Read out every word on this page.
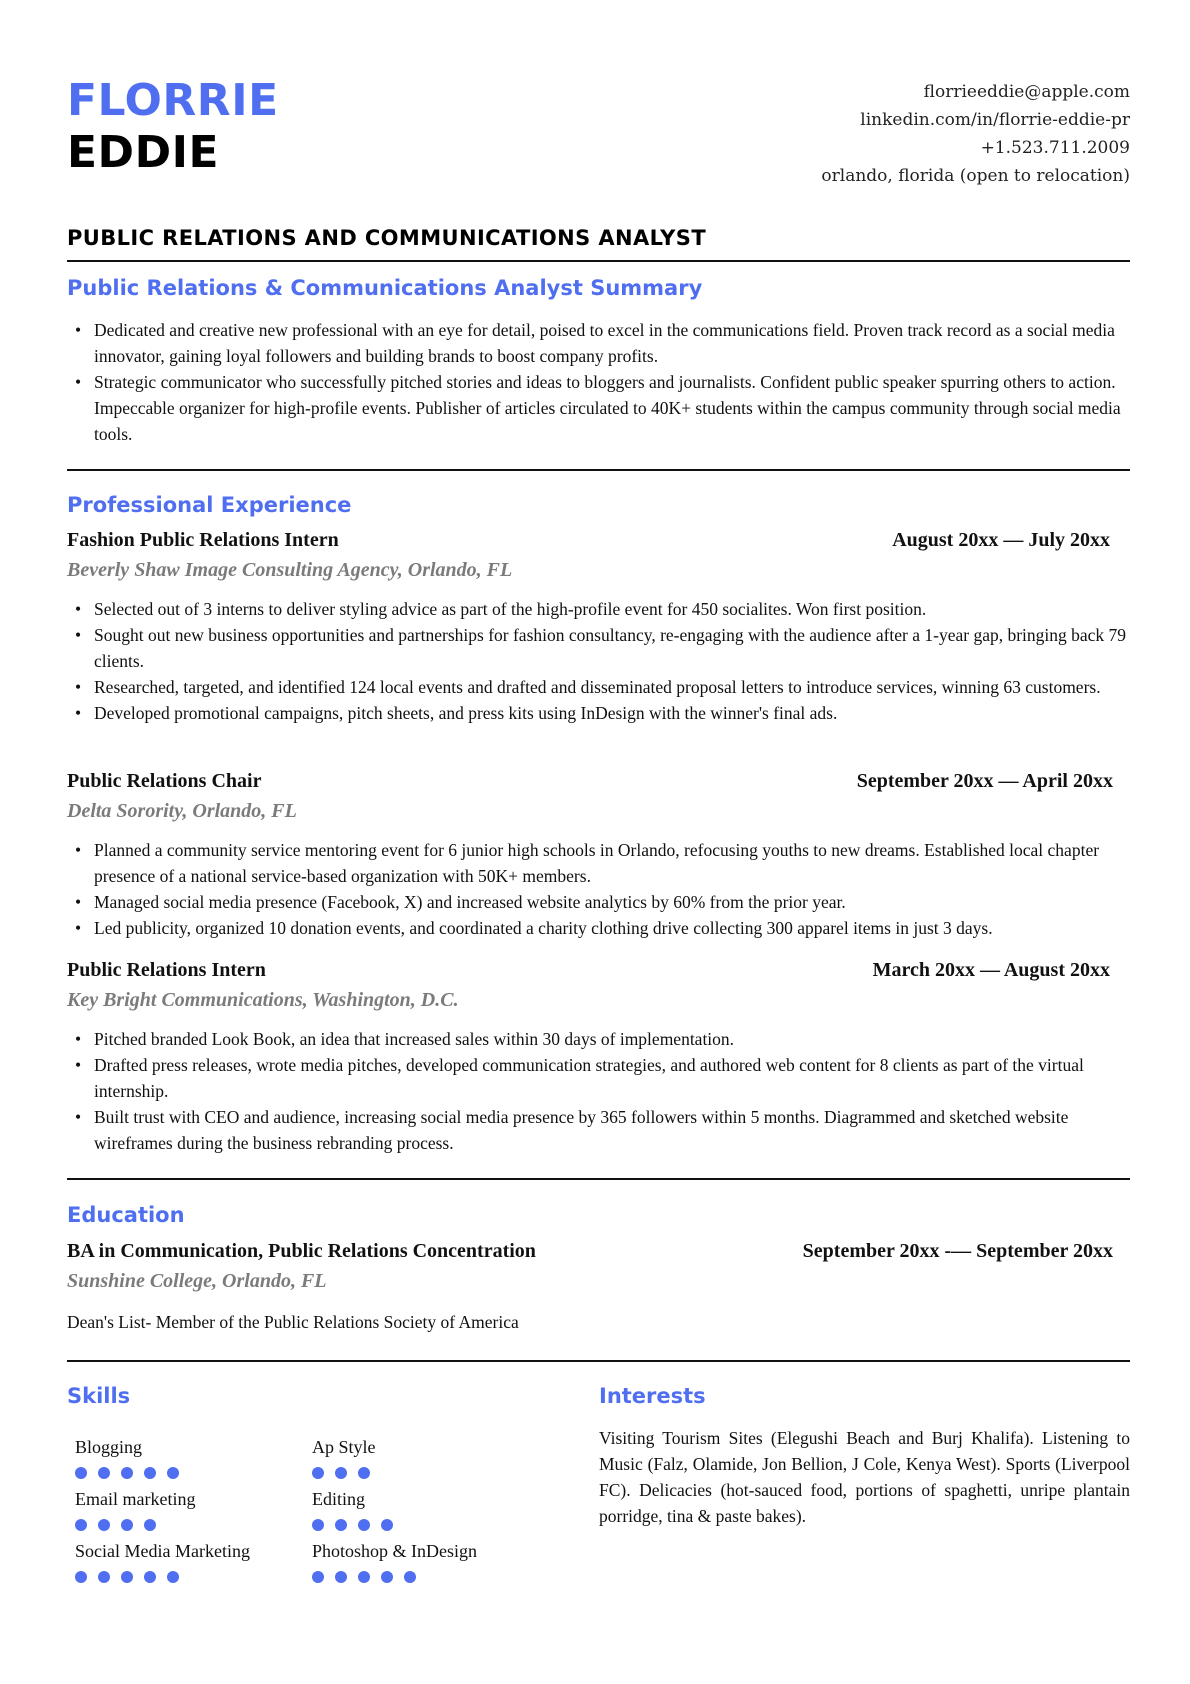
FLORRIE
EDDIE
florrieeddie@apple.com
linkedin.com/in/florrie-eddie-pr
+1.523.711.2009
orlando, florida (open to relocation)
PUBLIC RELATIONS AND COMMUNICATIONS ANALYST
Public Relations & Communications Analyst Summary
• Dedicated and creative new professional with an eye for detail, poised to excel in the communications field. Proven track record as a social media innovator, gaining loyal followers and building brands to boost company profits.
• Strategic communicator who successfully pitched stories and ideas to bloggers and journalists. Confident public speaker spurring others to action. Impeccable organizer for high-profile events. Publisher of articles circulated to 40K+ students within the campus community through social media tools.
Professional Experience
Fashion Public Relations Intern	August 20xx — July 20xx
Beverly Shaw Image Consulting Agency, Orlando, FL
• Selected out of 3 interns to deliver styling advice as part of the high-profile event for 450 socialites. Won first position.
• Sought out new business opportunities and partnerships for fashion consultancy, re-engaging with the audience after a 1-year gap, bringing back 79 clients.
• Researched, targeted, and identified 124 local events and drafted and disseminated proposal letters to introduce services, winning 63 customers.
• Developed promotional campaigns, pitch sheets, and press kits using InDesign with the winner's final ads.
Public Relations Chair	September 20xx — April 20xx
Delta Sorority, Orlando, FL
• Planned a community service mentoring event for 6 junior high schools in Orlando, refocusing youths to new dreams. Established local chapter presence of a national service-based organization with 50K+ members.
• Managed social media presence (Facebook, X) and increased website analytics by 60% from the prior year.
• Led publicity, organized 10 donation events, and coordinated a charity clothing drive collecting 300 apparel items in just 3 days.
Public Relations Intern	March 20xx — August 20xx
Key Bright Communications, Washington, D.C.
• Pitched branded Look Book, an idea that increased sales within 30 days of implementation.
• Drafted press releases, wrote media pitches, developed communication strategies, and authored web content for 8 clients as part of the virtual internship.
• Built trust with CEO and audience, increasing social media presence by 365 followers within 5 months. Diagrammed and sketched website wireframes during the business rebranding process.
Education
BA in Communication, Public Relations Concentration	September 20xx -— September 20xx
Sunshine College, Orlando, FL
Dean's List- Member of the Public Relations Society of America
Skills
Blogging	Ap Style
Email marketing	Editing
Social Media Marketing	Photoshop & InDesign
Interests
Visiting Tourism Sites (Elegushi Beach and Burj Khalifa). Listening to Music (Falz, Olamide, Jon Bellion, J Cole, Kenya West). Sports (Liverpool FC). Delicacies (hot-sauced food, portions of spaghetti, unripe plantain porridge, tina & paste bakes).
